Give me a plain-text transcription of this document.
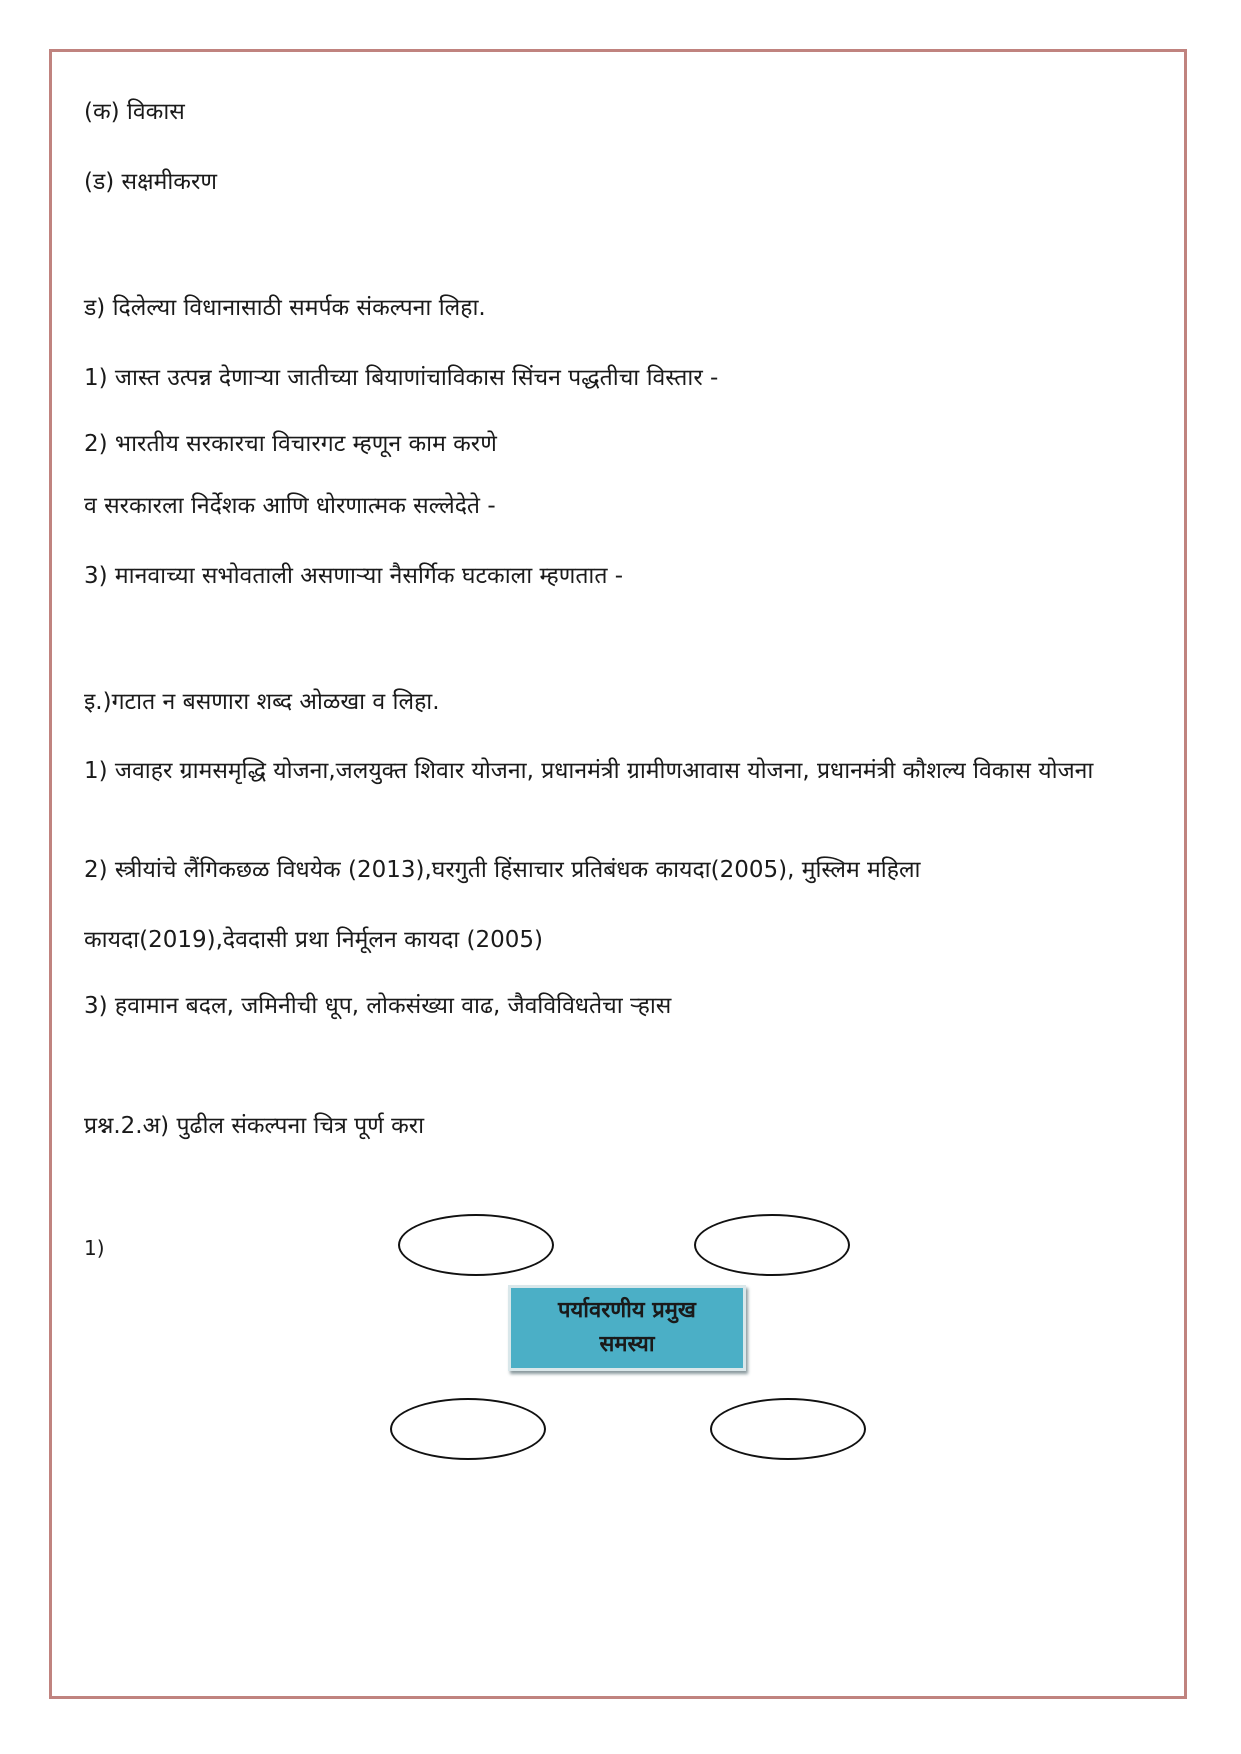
(क) विकास
(ड) सक्षमीकरण
ड) दिलेल्या विधानासाठी समर्पक संकल्पना लिहा.
1) जास्त उत्पन्न देणाऱ्या जातीच्या बियाणांचाविकास सिंचन पद्धतीचा विस्तार -
2) भारतीय सरकारचा विचारगट म्हणून काम करणे
व सरकारला निर्देशक आणि धोरणात्मक सल्लेदेते -
3) मानवाच्या सभोवताली असणाऱ्या नैसर्गिक घटकाला म्हणतात -
इ.)गटात न बसणारा शब्द ओळखा व लिहा.
1) जवाहर ग्रामसमृद्धि योजना,जलयुक्त शिवार योजना, प्रधानमंत्री ग्रामीणआवास योजना, प्रधानमंत्री कौशल्य विकास योजना
2) स्त्रीयांचे लैंगिकछळ विधयेक (2013),घरगुती हिंसाचार प्रतिबंधक कायदा(2005), मुस्लिम महिला
कायदा(2019),देवदासी प्रथा निर्मूलन कायदा (2005)
3) हवामान बदल, जमिनीची धूप, लोकसंख्या वाढ, जैवविविधतेचा ऱ्हास
प्रश्न.2.अ) पुढील संकल्पना चित्र पूर्ण करा
1)
पर्यावरणीय प्रमुख समस्या
